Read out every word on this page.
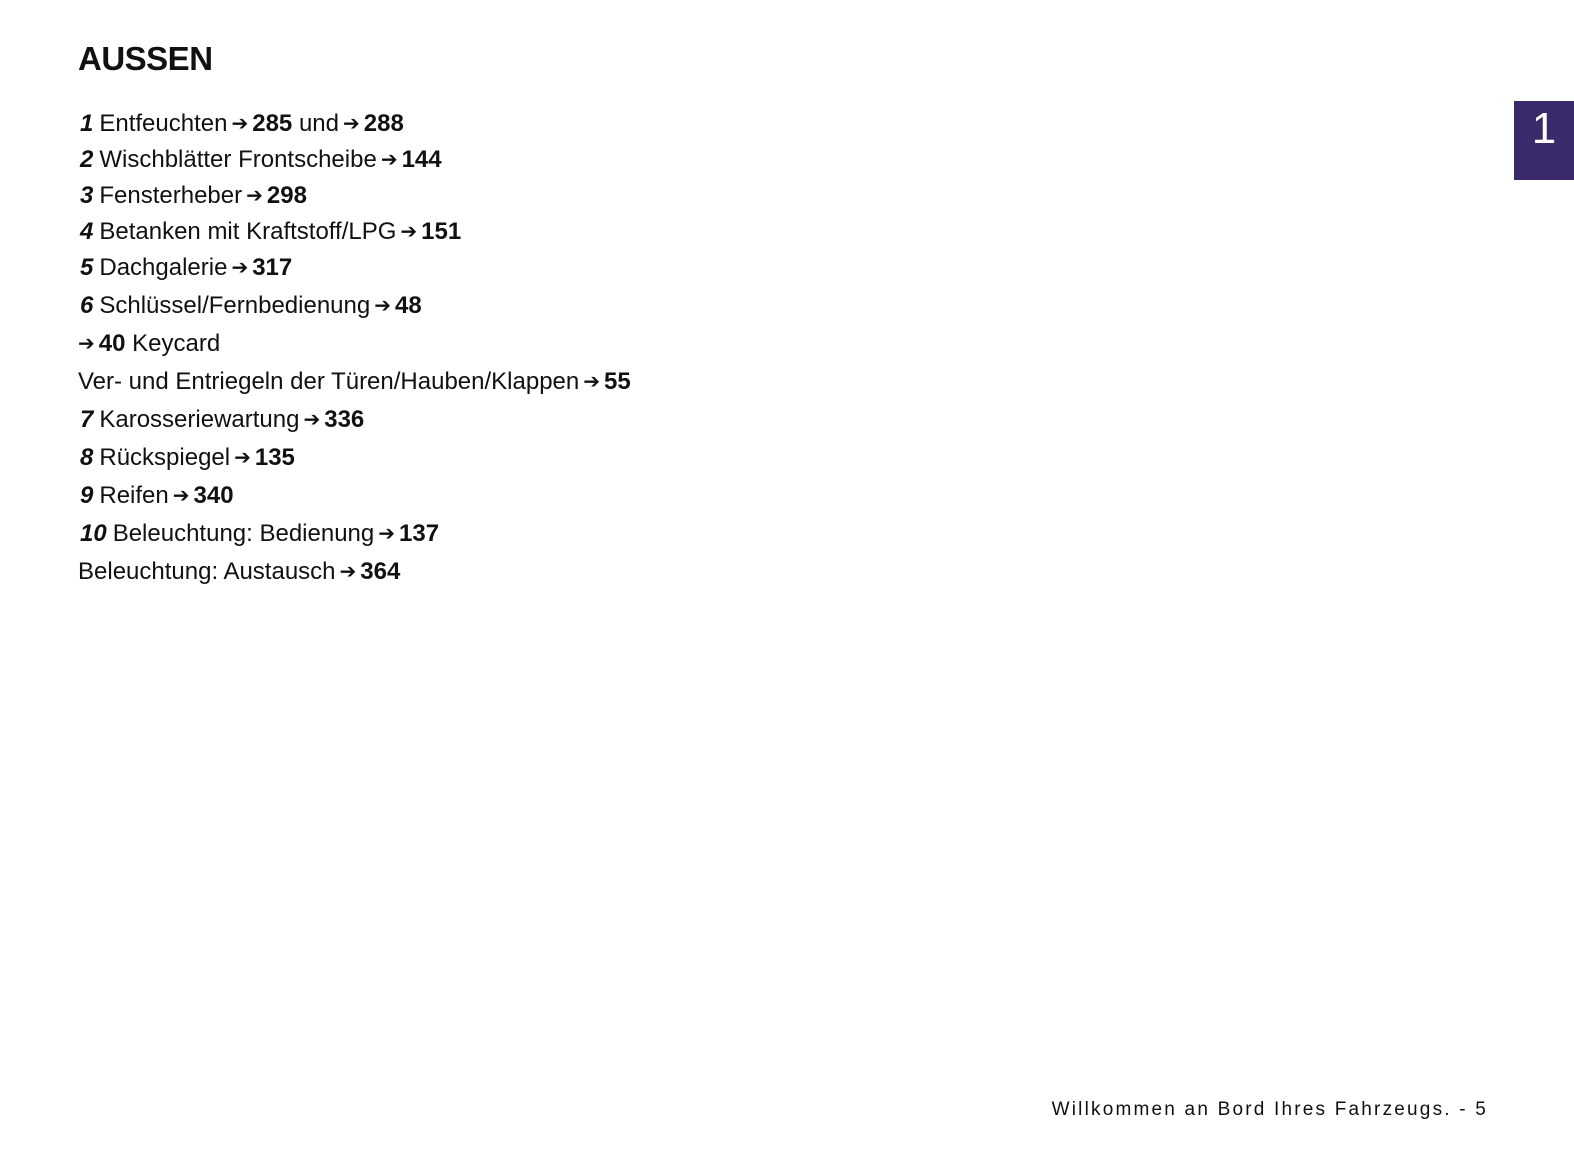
AUSSEN
1
1 Entfeuchten ➔ 285 und ➔ 288
2 Wischblätter Frontscheibe ➔ 144
3 Fensterheber ➔ 298
4 Betanken mit Kraftstoff/LPG ➔ 151
5 Dachgalerie ➔ 317
6 Schlüssel/Fernbedienung ➔ 48
➔ 40 Keycard
Ver- und Entriegeln der Türen/Hauben/Klappen ➔ 55
7 Karosseriewartung ➔ 336
8 Rückspiegel ➔ 135
9 Reifen ➔ 340
10 Beleuchtung: Bedienung ➔ 137
Beleuchtung: Austausch ➔ 364
Willkommen an Bord Ihres Fahrzeugs. - 5
